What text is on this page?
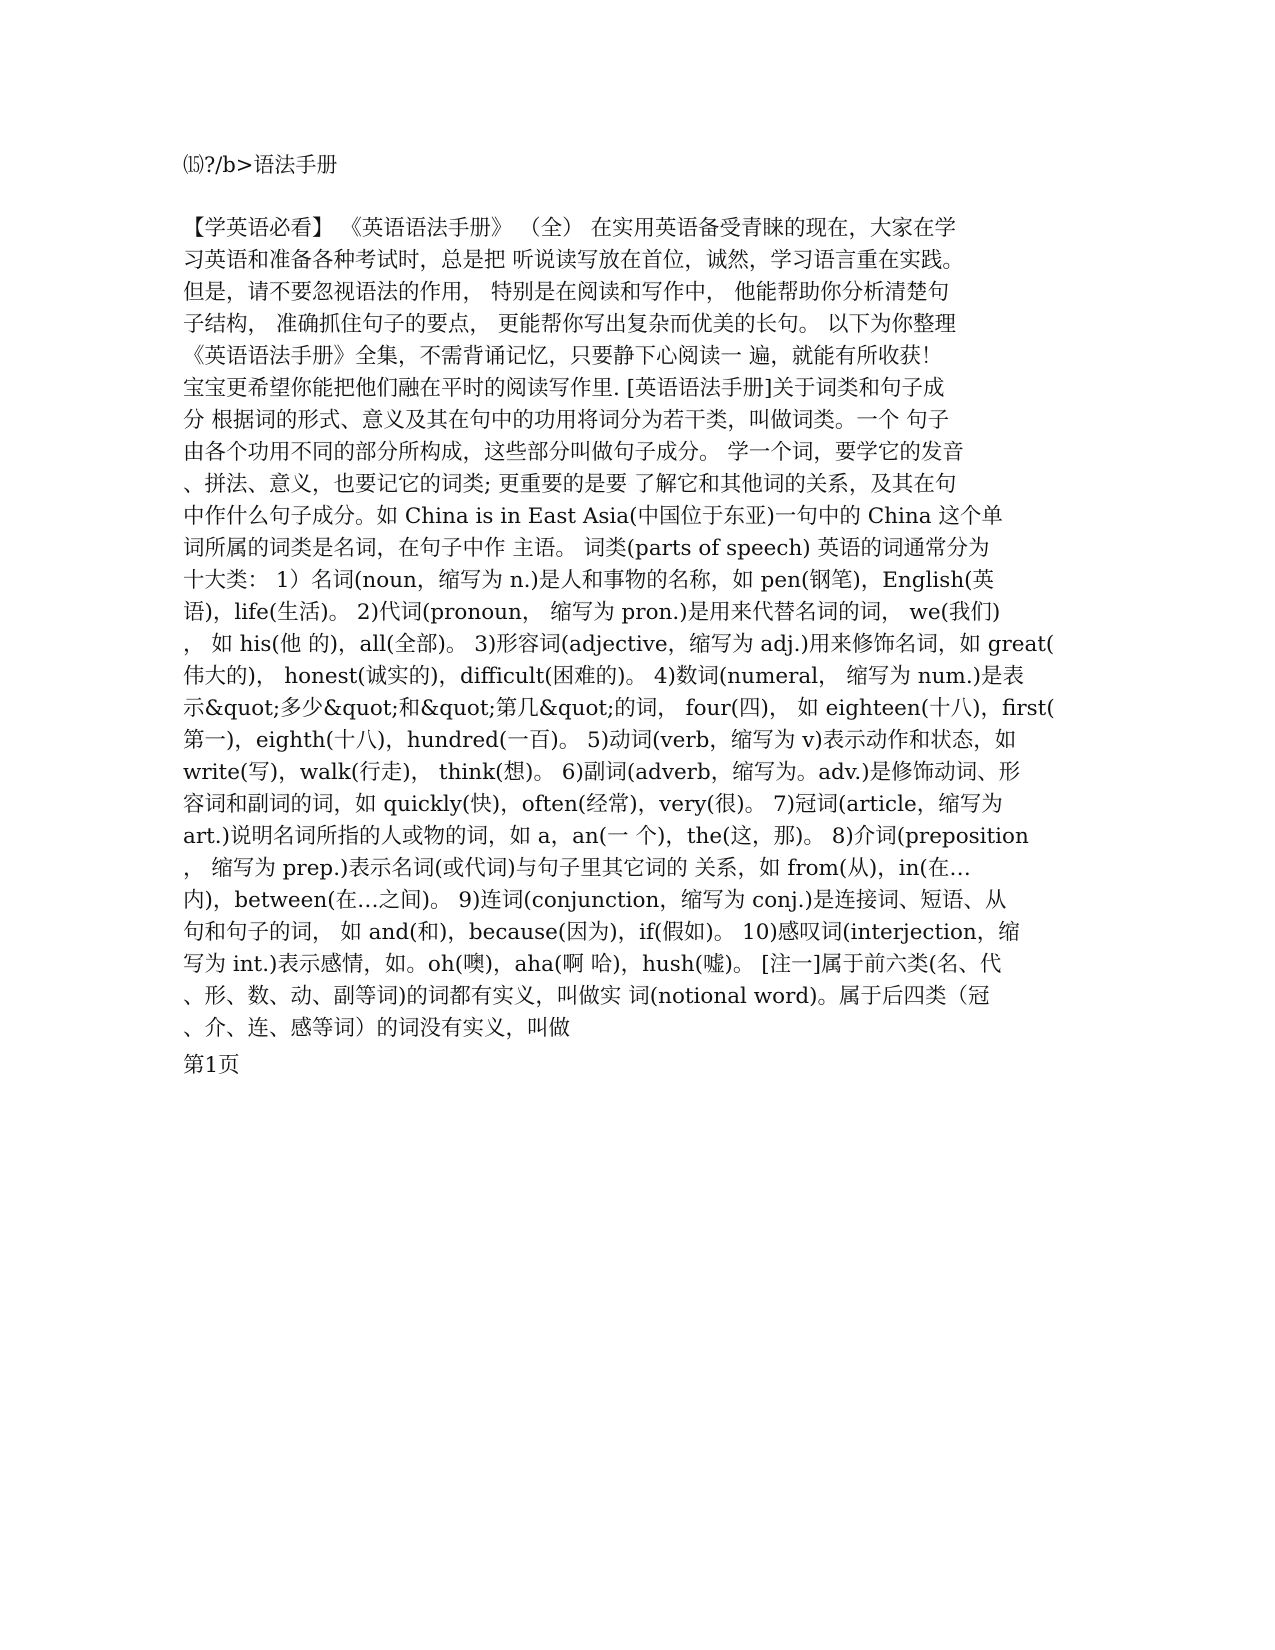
⒂?/b>语法手册
【学英语必看】 《英语语法手册》 （全） 在实用英语备受青睐的现在，大家在学
习英语和准备各种考试时，总是把 听说读写放在首位，诚然，学习语言重在实践。
但是，请不要忽视语法的作用， 特别是在阅读和写作中， 他能帮助你分析清楚句
子结构， 准确抓住句子的要点， 更能帮你写出复杂而优美的长句。 以下为你整理
《英语语法手册》全集，不需背诵记忆，只要静下心阅读一 遍，就能有所收获！
宝宝更希望你能把他们融在平时的阅读写作里. [英语语法手册]关于词类和句子成
分 根据词的形式、意义及其在句中的功用将词分为若干类，叫做词类。一个 句子
由各个功用不同的部分所构成，这些部分叫做句子成分。 学一个词，要学它的发音
、拼法、意义，也要记它的词类; 更重要的是要 了解它和其他词的关系，及其在句
中作什么句子成分。如 China is in East Asia(中国位于东亚)一句中的 China 这个单
词所属的词类是名词，在句子中作 主语。 词类(parts of speech) 英语的词通常分为
十大类： 1）名词(noun，缩写为 n.)是人和事物的名称，如 pen(钢笔)，English(英
语)，life(生活)。 2)代词(pronoun， 缩写为 pron.)是用来代替名词的词， we(我们)
， 如 his(他 的)，all(全部)。 3)形容词(adjective，缩写为 adj.)用来修饰名词，如 great(
伟大的)， honest(诚实的)，difficult(困难的)。 4)数词(numeral， 缩写为 num.)是表
示&quot;多少&quot;和&quot;第几&quot;的词， four(四)， 如 eighteen(十八)，first(
第一)，eighth(十八)，hundred(一百)。 5)动词(verb，缩写为 v)表示动作和状态，如
write(写)，walk(行走)， think(想)。 6)副词(adverb，缩写为。adv.)是修饰动词、形
容词和副词的词，如 quickly(快)，often(经常)，very(很)。 7)冠词(article，缩写为
art.)说明名词所指的人或物的词，如 a，an(一 个)，the(这，那)。 8)介词(preposition
， 缩写为 prep.)表示名词(或代词)与句子里其它词的 关系，如 from(从)，in(在…
内)，between(在…之间)。 9)连词(conjunction，缩写为 conj.)是连接词、短语、从
句和句子的词， 如 and(和)，because(因为)，if(假如)。 10)感叹词(interjection，缩
写为 int.)表示感情，如。oh(噢)，aha(啊 哈)，hush(嘘)。 [注一]属于前六类(名、代
、形、数、动、副等词)的词都有实义，叫做实 词(notional word)。属于后四类（冠
、介、连、感等词）的词没有实义，叫做
第1页
